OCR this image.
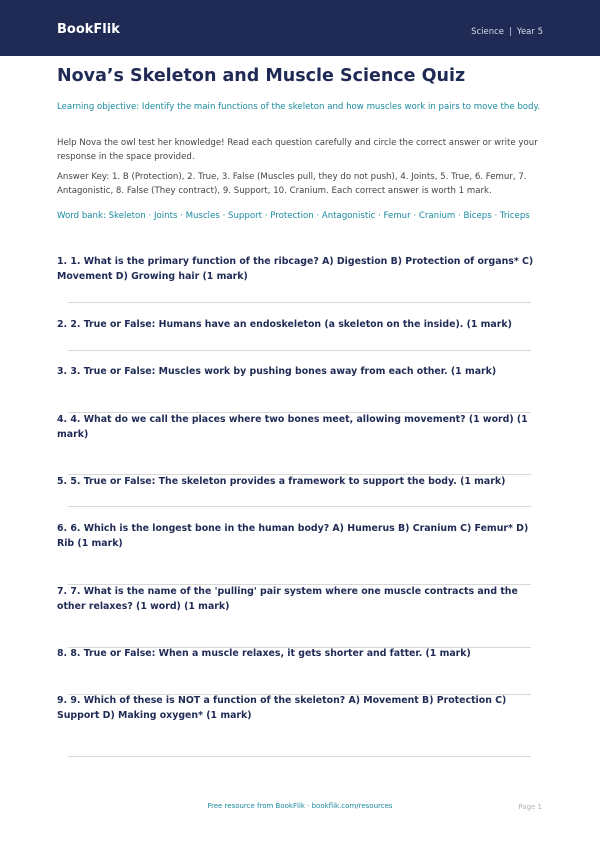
BookFlik	Science | Year 5
Nova’s Skeleton and Muscle Science Quiz
Learning objective: Identify the main functions of the skeleton and how muscles work in pairs to move the body.
Help Nova the owl test her knowledge! Read each question carefully and circle the correct answer or write your response in the space provided.
Answer Key: 1. B (Protection), 2. True, 3. False (Muscles pull, they do not push), 4. Joints, 5. True, 6. Femur, 7. Antagonistic, 8. False (They contract), 9. Support, 10. Cranium. Each correct answer is worth 1 mark.
Word bank: Skeleton · Joints · Muscles · Support · Protection · Antagonistic · Femur · Cranium · Biceps · Triceps
1. 1. What is the primary function of the ribcage? A) Digestion B) Protection of organs* C) Movement D) Growing hair (1 mark)
2. 2. True or False: Humans have an endoskeleton (a skeleton on the inside). (1 mark)
3. 3. True or False: Muscles work by pushing bones away from each other. (1 mark)
4. 4. What do we call the places where two bones meet, allowing movement? (1 word) (1 mark)
5. 5. True or False: The skeleton provides a framework to support the body. (1 mark)
6. 6. Which is the longest bone in the human body? A) Humerus B) Cranium C) Femur* D) Rib (1 mark)
7. 7. What is the name of the 'pulling' pair system where one muscle contracts and the other relaxes? (1 word) (1 mark)
8. 8. True or False: When a muscle relaxes, it gets shorter and fatter. (1 mark)
9. 9. Which of these is NOT a function of the skeleton? A) Movement B) Protection C) Support D) Making oxygen* (1 mark)
Free resource from BookFlik · bookflik.com/resources	Page 1
